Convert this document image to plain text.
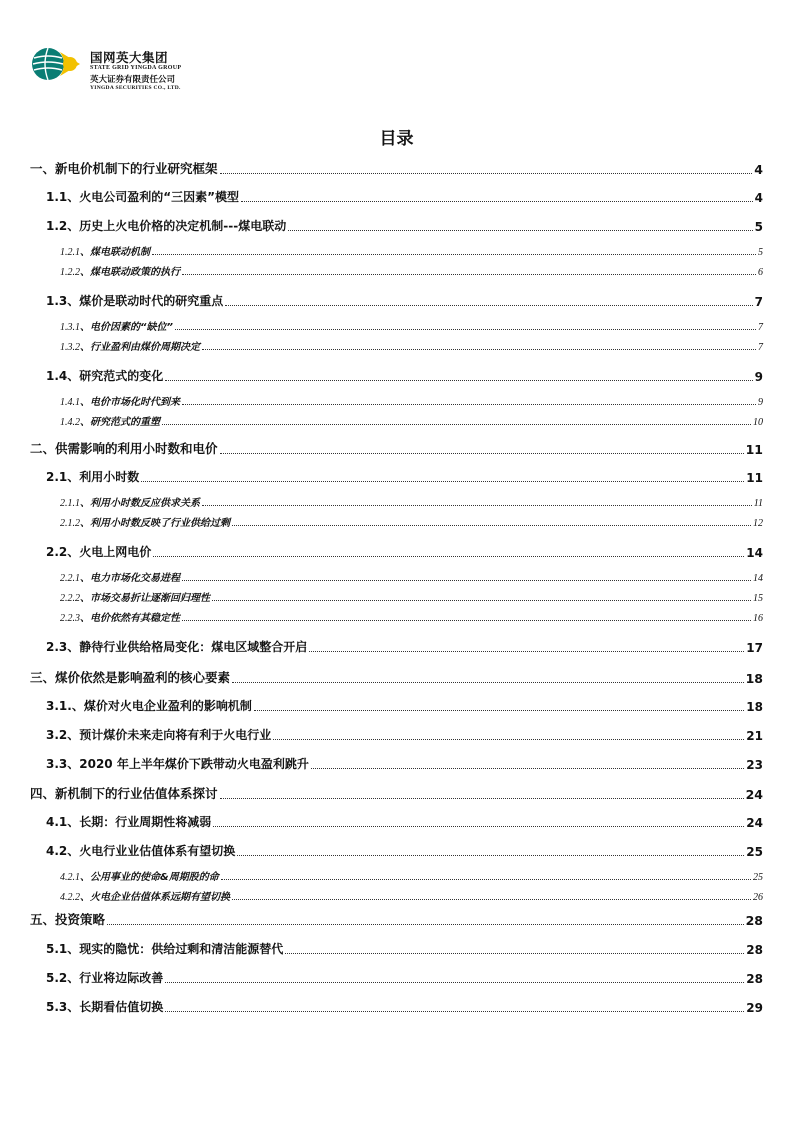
国网英大集团
STATE GRID YINGDA GROUP
英大证券有限责任公司
YINGDA SECURITIES CO., LTD.
目录
一、新电价机制下的行业研究框架	4
1.1、火电公司盈利的“三因素”模型	4
1.2、历史上火电价格的决定机制---煤电联动	5
1.2.1、煤电联动机制	5
1.2.2、煤电联动政策的执行	6
1.3、煤价是联动时代的研究重点	7
1.3.1、电价因素的“缺位”	7
1.3.2、行业盈利由煤价周期决定	7
1.4、研究范式的变化	9
1.4.1、电价市场化时代到来	9
1.4.2、研究范式的重塑	10
二、供需影响的利用小时数和电价	11
2.1、利用小时数	11
2.1.1、利用小时数反应供求关系	11
2.1.2、利用小时数反映了行业供给过剩	12
2.2、火电上网电价	14
2.2.1、电力市场化交易进程	14
2.2.2、市场交易折让逐渐回归理性	15
2.2.3、电价依然有其稳定性	16
2.3、静待行业供给格局变化：煤电区域整合开启	17
三、煤价依然是影响盈利的核心要素	18
3.1.、煤价对火电企业盈利的影响机制	18
3.2、预计煤价未来走向将有利于火电行业	21
3.3、2020 年上半年煤价下跌带动火电盈利跳升	23
四、新机制下的行业估值体系探讨	24
4.1、长期：行业周期性将减弱	24
4.2、火电行业业估值体系有望切换	25
4.2.1、公用事业的使命&周期股的命	25
4.2.2、火电企业估值体系远期有望切换	26
五、投资策略	28
5.1、现实的隐忧：供给过剩和清洁能源替代	28
5.2、行业将边际改善	28
5.3、长期看估值切换	29
